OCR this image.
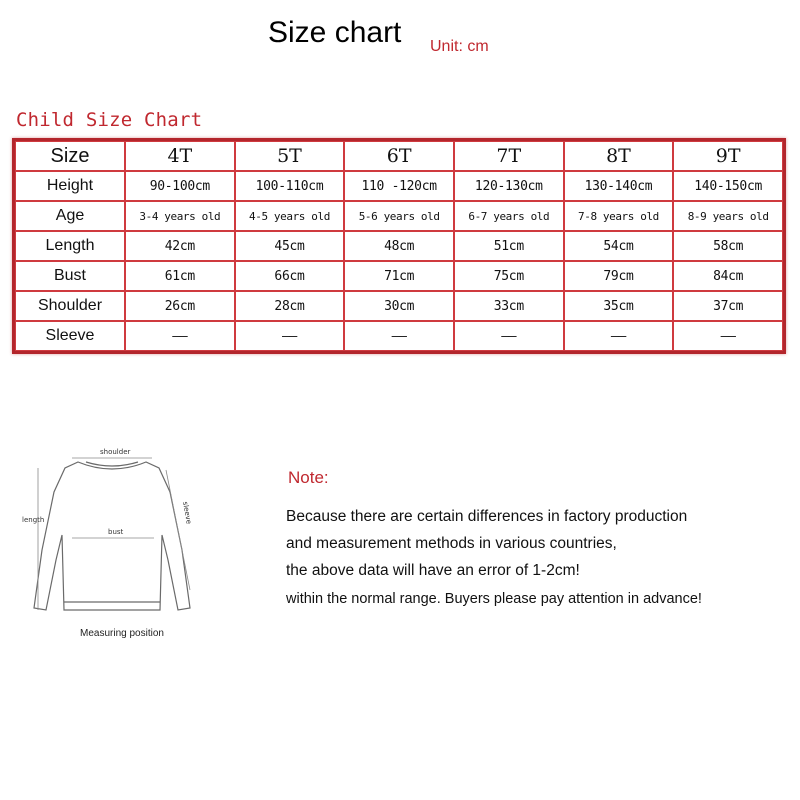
Size chart Unit: cm
Child Size Chart
Size	4T	5T	6T	7T	8T	9T
Height	90-100cm	100-110cm	110 -120cm	120-130cm	130-140cm	140-150cm
Age	3-4 years old	4-5 years old	5-6 years old	6-7 years old	7-8 years old	8-9 years old
Length	42cm	45cm	48cm	51cm	54cm	58cm
Bust	61cm	66cm	71cm	75cm	79cm	84cm
Shoulder	26cm	28cm	30cm	33cm	35cm	37cm
Sleeve	——	——	——	——	——	——
shoulder
length
bust
sleeve
Measuring position
Note:
Because there are certain differences in factory production
and measurement methods in various countries,
the above data will have an error of 1-2cm!
within the normal range. Buyers please pay attention in advance!
